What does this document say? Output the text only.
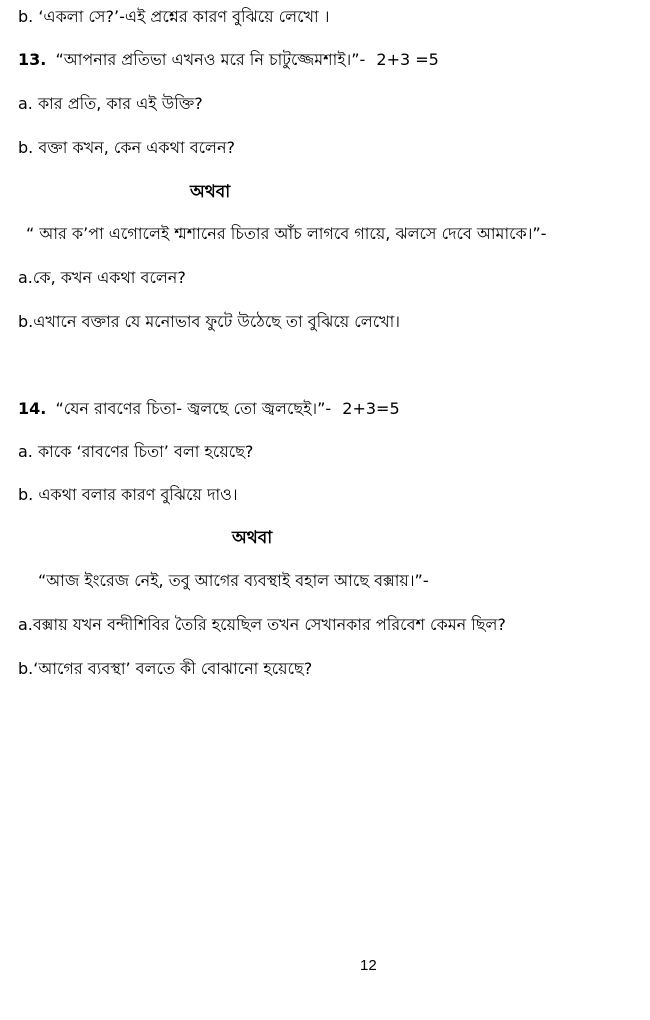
b. ‘একলা সে?’-এই প্রশ্নের কারণ বুঝিয়ে লেখো ।
13. “আপনার প্রতিভা এখনও মরে নি চাটুজ্জেমশাই।”- 2+3 =5
a. কার প্রতি, কার এই উক্তি?
b. বক্তা কখন, কেন একথা বলেন?
অথবা
“ আর ক’পা এগোলেই শ্মশানের চিতার আঁচ লাগবে গায়ে, ঝলসে দেবে আমাকে।”-
a.কে, কখন একথা বলেন?
b.এখানে বক্তার যে মনোভাব ফুটে উঠেছে তা বুঝিয়ে লেখো।
14. “যেন রাবণের চিতা- জ্বলছে তো জ্বলছেই।”- 2+3=5
a. কাকে ‘রাবণের চিতা’ বলা হয়েছে?
b. একথা বলার কারণ বুঝিয়ে দাও।
অথবা
“আজ ইংরেজ নেই, তবু আগের ব্যবস্থাই বহাল আছে বক্সায়।”-
a.বক্সায় যখন বন্দীশিবির তৈরি হয়েছিল তখন সেখানকার পরিবেশ কেমন ছিল?
b.‘আগের ব্যবস্থা’ বলতে কী বোঝানো হয়েছে?
12
